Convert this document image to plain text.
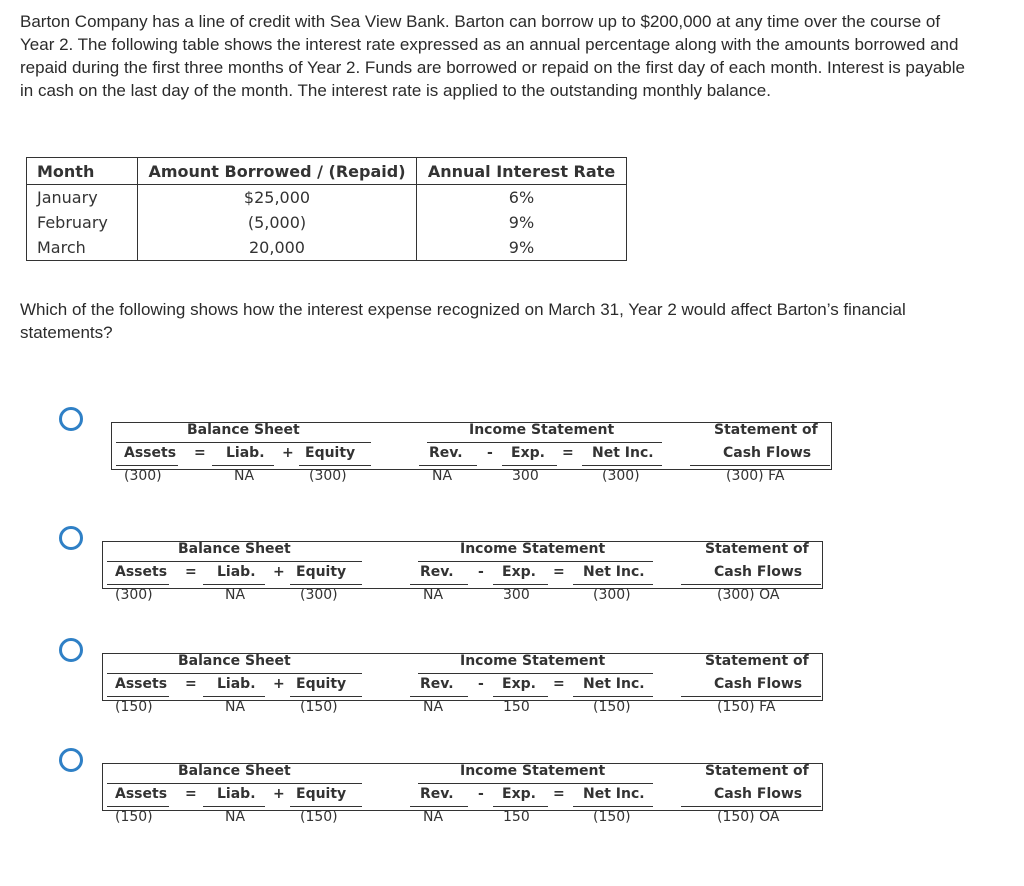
Barton Company has a line of credit with Sea View Bank. Barton can borrow up to $200,000 at any time over the course of Year 2. The following table shows the interest rate expressed as an annual percentage along with the amounts borrowed and repaid during the first three months of Year 2. Funds are borrowed or repaid on the first day of each month. Interest is payable in cash on the last day of the month. The interest rate is applied to the outstanding monthly balance.

Month	Amount Borrowed / (Repaid)	Annual Interest Rate
January	$25,000	6%
February	(5,000)	9%
March	20,000	9%

Which of the following shows how the interest expense recognized on March 31, Year 2 would affect Barton’s financial statements?

Balance Sheet	Income Statement	Statement of
Assets = Liab. + Equity	Rev. - Exp. = Net Inc.	Cash Flows
(300)	NA	(300)	NA	300	(300)	(300) FA
Balance Sheet	Income Statement	Statement of
Assets = Liab. + Equity	Rev. - Exp. = Net Inc.	Cash Flows
(300)	NA	(300)	NA	300	(300)	(300) OA
Balance Sheet	Income Statement	Statement of
Assets = Liab. + Equity	Rev. - Exp. = Net Inc.	Cash Flows
(150)	NA	(150)	NA	150	(150)	(150) FA
Balance Sheet	Income Statement	Statement of
Assets = Liab. + Equity	Rev. - Exp. = Net Inc.	Cash Flows
(150)	NA	(150)	NA	150	(150)	(150) OA
